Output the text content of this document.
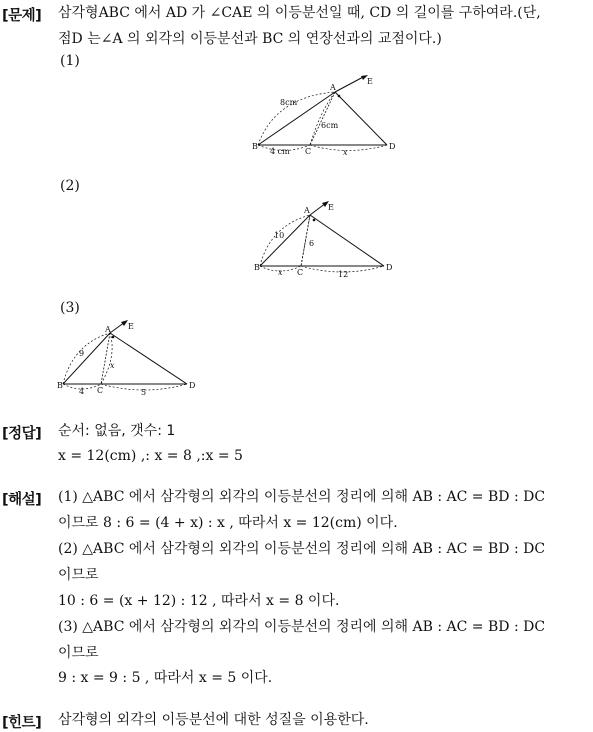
[문제] 삼각형ABC 에서 AD 가 ∠CAE 의 이등분선일 때, CD 의 길이를 구하여라.(단,
점D 는∠A 의 외각의 이등분선과 BC 의 연장선과의 교점이다.)
(1)
A
E
B
C
D
8cm
6cm
4 cm	x
(2)
A E
B
C
D
10
6
x	12
(3)
A E
B
C
D
9
x
4	5
[정답] 순서: 없음, 갯수: 1
x = 12(cm) ,: x = 8 ,:x = 5
[해설] (1) △ABC 에서 삼각형의 외각의 이등분선의 정리에 의해 AB : AC = BD : DC
이므로 8 : 6 = (4 + x) : x , 따라서 x = 12(cm) 이다.
(2) △ABC 에서 삼각형의 외각의 이등분선의 정리에 의해 AB : AC = BD : DC
이므로
10 : 6 = (x + 12) : 12 , 따라서 x = 8 이다.
(3) △ABC 에서 삼각형의 외각의 이등분선의 정리에 의해 AB : AC = BD : DC
이므로
9 : x = 9 : 5 , 따라서 x = 5 이다.
[힌트] 삼각형의 외각의 이등분선에 대한 성질을 이용한다.
